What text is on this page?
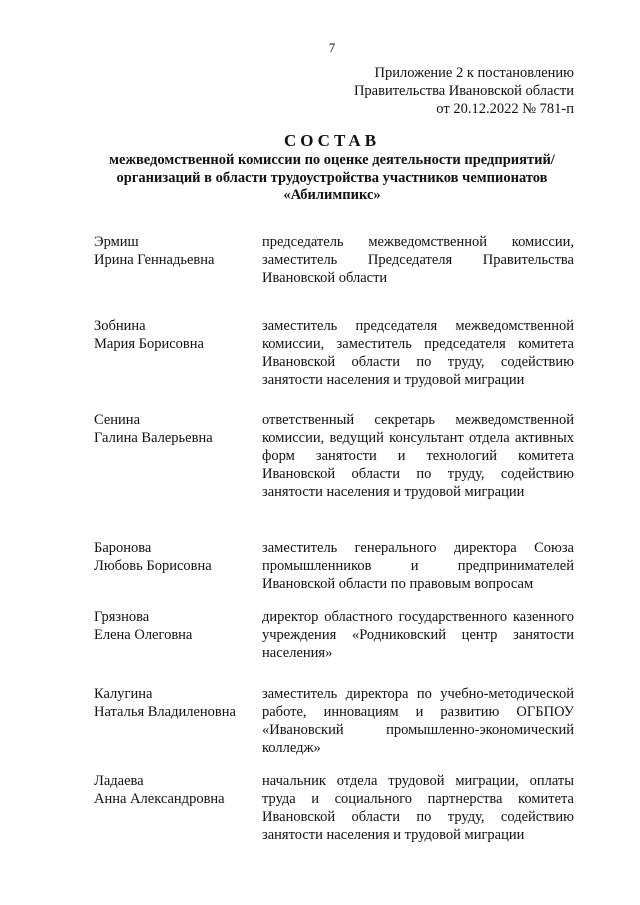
7
Приложение 2 к постановлению
Правительства Ивановской области
от 20.12.2022 № 781-п
СОСТАВ
межведомственной комиссии по оценке деятельности предприятий/организаций в области трудоустройства участников чемпионатов «Абилимпикс»
Эрмиш
Ирина Геннадьевна
председатель межведомственной комиссии, заместитель Председателя Правительства Ивановской области
Зобнина
Мария Борисовна
заместитель председателя межведомственной комиссии, заместитель председателя комитета Ивановской области по труду, содействию занятости населения и трудовой миграции
Сенина
Галина Валерьевна
ответственный секретарь межведомственной комиссии, ведущий консультант отдела активных форм занятости и технологий комитета Ивановской области по труду, содействию занятости населения и трудовой миграции
Баронова
Любовь Борисовна
заместитель генерального директора Союза промышленников и предпринимателей Ивановской области по правовым вопросам
Грязнова
Елена Олеговна
директор областного государственного казенного учреждения «Родниковский центр занятости населения»
Калугина
Наталья Владиленовна
заместитель директора по учебно-методической работе, инновациям и развитию ОГБПОУ «Ивановский промышленно-экономический колледж»
Ладаева
Анна Александровна
начальник отдела трудовой миграции, оплаты труда и социального партнерства комитета Ивановской области по труду, содействию занятости населения и трудовой миграции
